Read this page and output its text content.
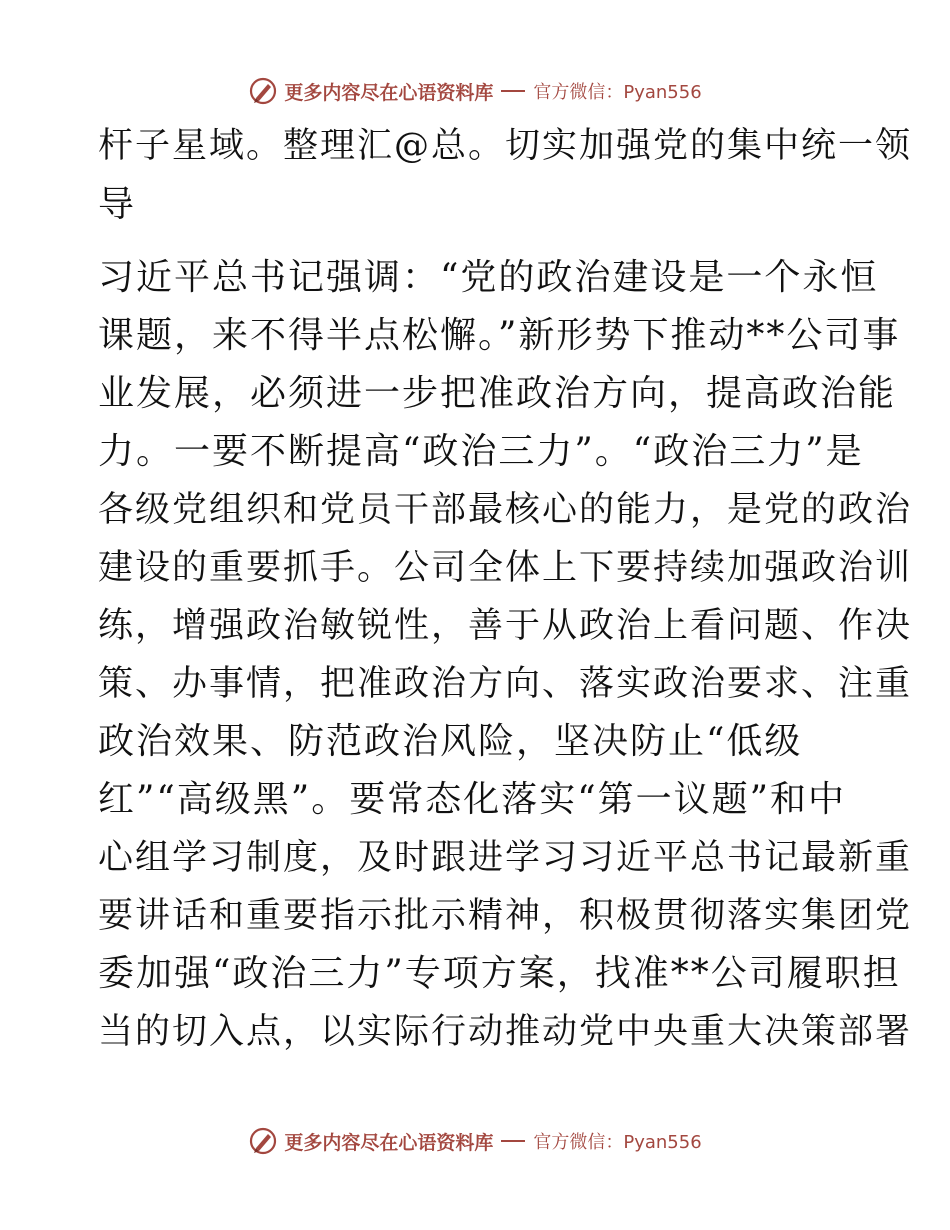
更多内容尽在心语资料库 官方微信：Pyan556
杆子星域。整理汇@总。切实加强党的集中统一领
导
习近平总书记强调：“党的政治建设是一个永恒
课题，来不得半点松懈。”新形势下推动**公司事
业发展，必须进一步把准政治方向，提高政治能
力。一要不断提高“政治三力”。“政治三力”是
各级党组织和党员干部最核心的能力，是党的政治
建设的重要抓手。公司全体上下要持续加强政治训
练，增强政治敏锐性，善于从政治上看问题、作决
策、办事情，把准政治方向、落实政治要求、注重
政治效果、防范政治风险，坚决防止“低级
红”“高级黑”。要常态化落实“第一议题”和中
心组学习制度，及时跟进学习习近平总书记最新重
要讲话和重要指示批示精神，积极贯彻落实集团党
委加强“政治三力”专项方案，找准**公司履职担
当的切入点，以实际行动推动党中央重大决策部署
更多内容尽在心语资料库 官方微信：Pyan556
